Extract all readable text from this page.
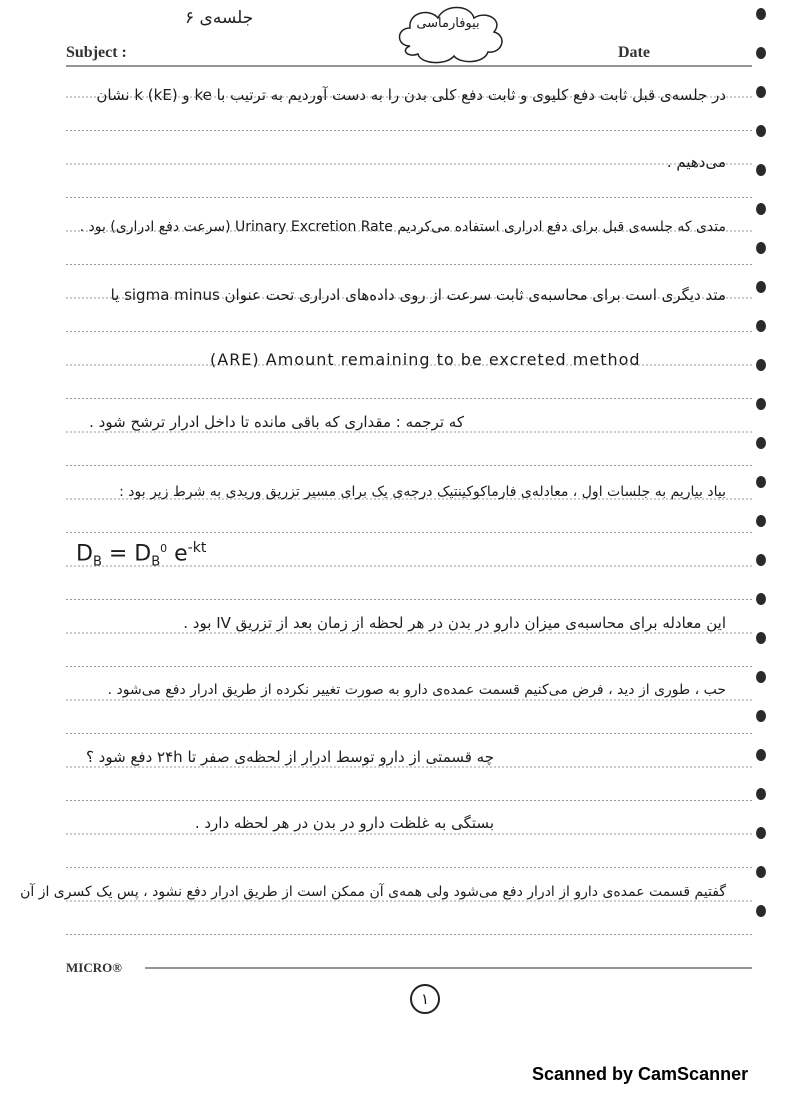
جلسه‌ی ۶	بیوفارماسی
Subject :	Date
در جلسه‌ی قبل ثابت دفع کلیوی و ثابت دفع کلی بدن را به دست آوردیم به ترتیب با ke و (kE) k نشان
می‌دهیم .
متدی که جلسه‌ی قبل برای دفع ادراری استفاده می‌کردیم Urinary Excretion Rate (سرعت دفع ادراری) بود .
متد دیگری است برای محاسبه‌ی ثابت سرعت از روی داده‌های ادراری تحت عنوان sigma minus یا
(ARE) Amount remaining to be excreted method
که ترجمه : مقداری که باقی مانده تا داخل ادرار ترشح شود .
بیاد بیاریم به جلسات اول ، معادله‌ی فارماکوکینتیک درجه‌ی یک برای مسیر تزریق وریدی به شرط زیر بود :
$D_B = D_B^0$ $e^{-kt}$
این معادله برای محاسبه‌ی میزان دارو در بدن در هر لحظه از زمان بعد از تزریق IV بود .
حب ، طوری از دید ، فرض می‌کنیم قسمت عمده‌ی دارو به صورت تغییر نکرده از طریق ادرار دفع می‌شود .
چه قسمتی از دارو توسط ادرار از لحظه‌ی صفر تا ۲۴h دفع شود ؟
بستگی به غلظت دارو در بدن در هر لحظه دارد .
گفتیم قسمت عمده‌ی دارو از ادرار دفع می‌شود ولی همه‌ی آن ممکن است از طریق ادرار دفع نشود ، پس یک کسری از آن
MICRO®
١
Scanned by CamScanner
